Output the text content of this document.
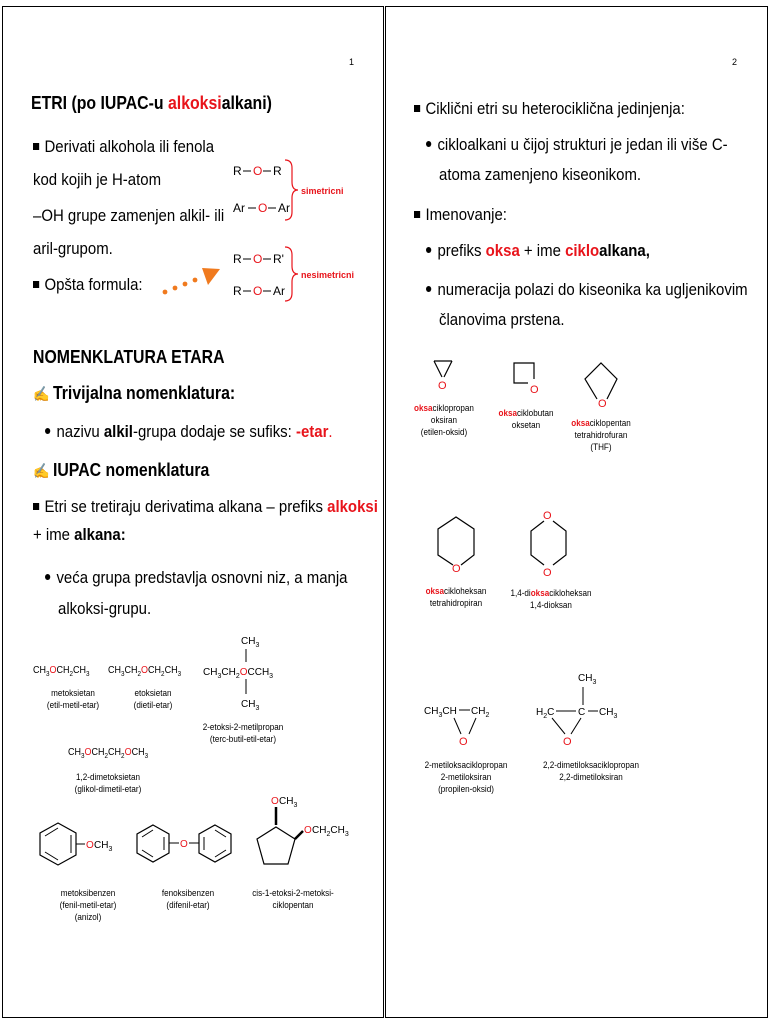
1
ETRI (po IUPAC-u alkoksialkani)
Derivati alkohola ili fenola
kod kojih je H-atom
–OH grupe zamenjen alkil- ili
aril-grupom.
Opšta formula:
R O R
Ar O Ar
R O R'
R O Ar
simetricni
nesimetricni
NOMENKLATURA ETARA
✍ Trivijalna nomenklatura:
nazivu alkil-grupa dodaje se sufiks: -etar.
✍ IUPAC nomenklatura
Etri se tretiraju derivatima alkana – prefiks alkoksi
+ ime alkana:
veća grupa predstavlja osnovni niz, a manja
alkoksi-grupu.
$CH_3OCH_2CH_3$ $CH_3CH_2OCH_2CH_3$
metoksietan
(etil-metil-etar)
etoksietan
(dietil-etar)
$CH_3$
$CH_3CH_2OCCH_3$
$CH_3$
2-etoksi-2-metilpropan
(terc-butil-etil-etar)
$CH_3OCH_2CH_2OCH_3$
1,2-dimetoksietan
(glikol-dimetil-etar)
O $CH_3$
metoksibenzen
(fenil-metil-etar)
(anizol)
O
fenoksibenzen
(difenil-etar)
O $CH_3$
O $CH_2CH_3$
cis-1-etoksi-2-metoksi-
ciklopentan
2
Ciklični etri su heterociklična jedinjenja:
cikloalkani u čijoj strukturi je jedan ili više C-
atoma zamenjeno kiseonikom.
Imenovanje:
prefiks oksa + ime cikloalkana,
numeracija polazi do kiseonika ka ugljenikovim
članovima prstena.
O
oksaciklopropan
oksiran
(etilen-oksid)
O
oksaciklobutan
oksetan
O
oksaciklopentan
tetrahidrofuran
(THF)
O
oksacikloheksan
tetrahidropiran
O
O
1,4-dioksacikloheksan
1,4-dioksan
$CH_3CH$ $CH_2$
O
2-metiloksaciklopropan
2-metiloksiran
(propilen-oksid)
$CH_3$
$H_2C$ C $CH_3$
O
2,2-dimetiloksaciklopropan
2,2-dimetiloksiran
